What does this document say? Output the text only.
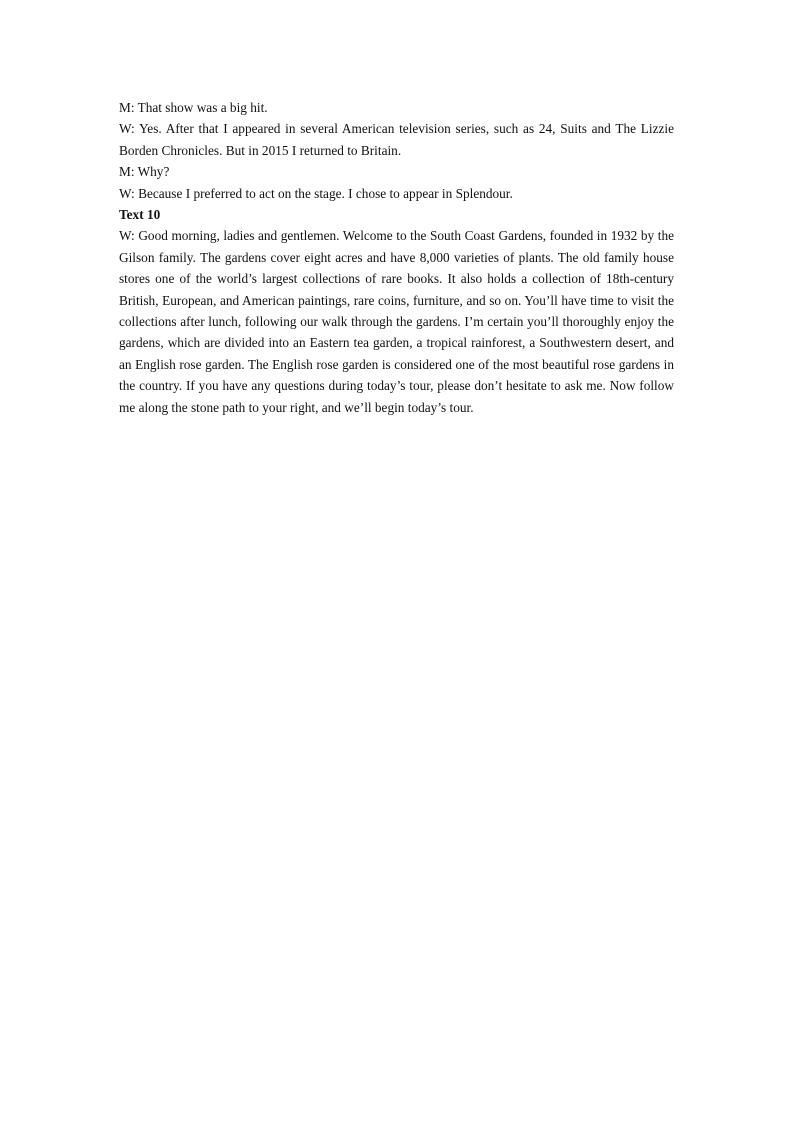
M: That show was a big hit.

W: Yes. After that I appeared in several American television series, such as 24, Suits and The Lizzie Borden Chronicles. But in 2015 I returned to Britain.

M: Why?

W: Because I preferred to act on the stage. I chose to appear in Splendour.

Text 10

W: Good morning, ladies and gentlemen. Welcome to the South Coast Gardens, founded in 1932 by the Gilson family. The gardens cover eight acres and have 8,000 varieties of plants. The old family house stores one of the world’s largest collections of rare books. It also holds a collection of 18th-century British, European, and American paintings, rare coins, furniture, and so on. You’ll have time to visit the collections after lunch, following our walk through the gardens. I’m certain you’ll thoroughly enjoy the gardens, which are divided into an Eastern tea garden, a tropical rainforest, a Southwestern desert, and an English rose garden. The English rose garden is considered one of the most beautiful rose gardens in the country. If you have any questions during today’s tour, please don’t hesitate to ask me. Now follow me along the stone path to your right, and we’ll begin today’s tour.
